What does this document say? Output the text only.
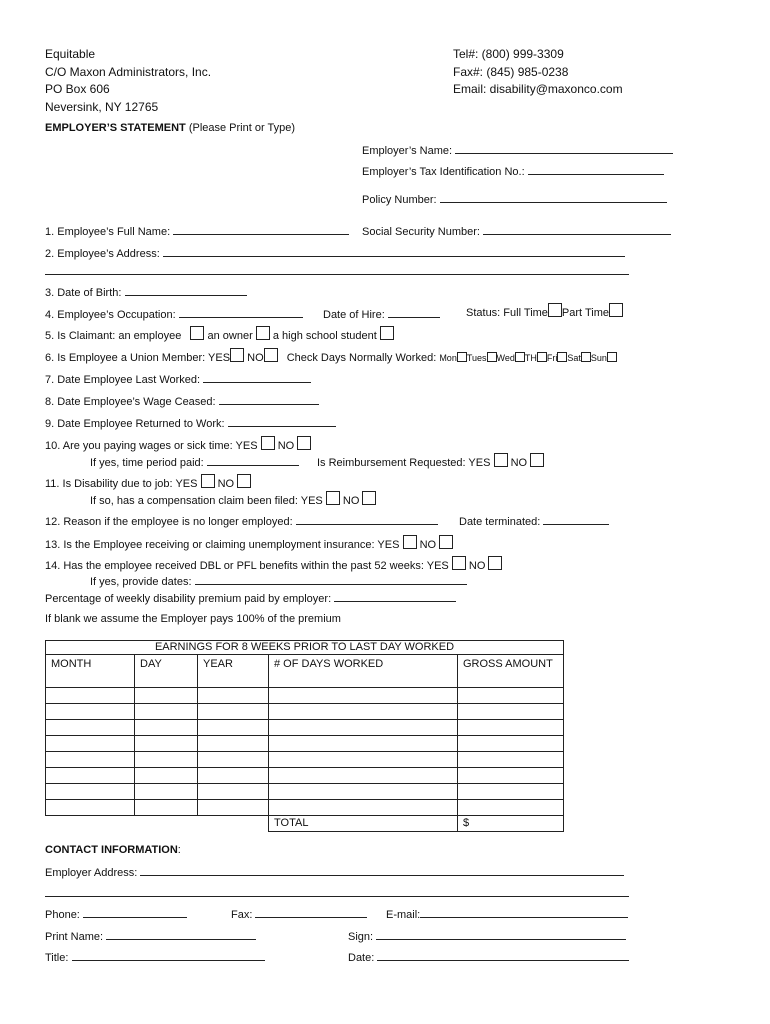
Equitable
C/O Maxon Administrators, Inc.
PO Box 606
Neversink, NY 12765
Tel#: (800) 999-3309
Fax#: (845) 985-0238
Email: disability@maxonco.com
EMPLOYER’S STATEMENT (Please Print or Type)
Employer’s Name:
Employer’s Tax Identification No.:
Policy Number:
1. Employee’s Full Name:	Social Security Number:
2. Employee’s Address:
3. Date of Birth:
4. Employee’s Occupation:	Date of Hire:	Status: Full Time Part Time
5. Is Claimant: an employee an owner a high school student
6. Is Employee a Union Member: YES NO Check Days Normally Worked: Mon Tues Wed TH Fri Sat Sun
7. Date Employee Last Worked:
8. Date Employee’s Wage Ceased:
9. Date Employee Returned to Work:
10. Are you paying wages or sick time: YES NO
If yes, time period paid:	Is Reimbursement Requested: YES NO
11. Is Disability due to job: YES NO
If so, has a compensation claim been filed: YES NO
12. Reason if the employee is no longer employed:	Date terminated:
13. Is the Employee receiving or claiming unemployment insurance: YES NO
14. Has the employee received DBL or PFL benefits within the past 52 weeks: YES NO
If yes, provide dates:
Percentage of weekly disability premium paid by employer:
If blank we assume the Employer pays 100% of the premium
EARNINGS FOR 8 WEEKS PRIOR TO LAST DAY WORKED				
MONTH	DAY	YEAR	# OF DAYS WORKED	GROSS AMOUNT

			TOTAL	$
CONTACT INFORMATION:
Employer Address:
Phone:	Fax:	E-mail:
Print Name:	Sign:
Title:	Date:
